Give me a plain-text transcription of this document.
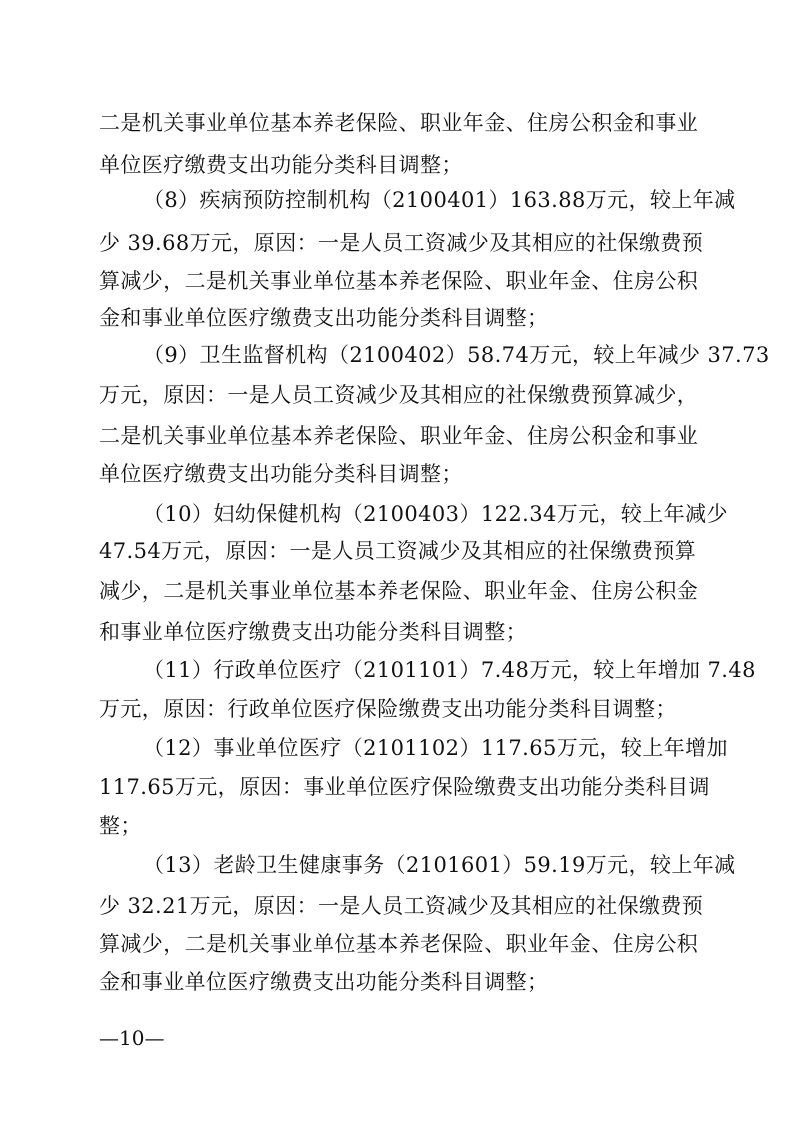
二是机关事业单位基本养老保险、职业年金、住房公积金和事业
单位医疗缴费支出功能分类科目调整；
（8）疾病预防控制机构（2100401）163.88万元，较上年减
少 39.68万元，原因：一是人员工资减少及其相应的社保缴费预
算减少，二是机关事业单位基本养老保险、职业年金、住房公积
金和事业单位医疗缴费支出功能分类科目调整；
（9）卫生监督机构（2100402）58.74万元，较上年减少 37.73
万元，原因：一是人员工资减少及其相应的社保缴费预算减少，
二是机关事业单位基本养老保险、职业年金、住房公积金和事业
单位医疗缴费支出功能分类科目调整；
（10）妇幼保健机构（2100403）122.34万元，较上年减少
47.54万元，原因：一是人员工资减少及其相应的社保缴费预算
减少，二是机关事业单位基本养老保险、职业年金、住房公积金
和事业单位医疗缴费支出功能分类科目调整；
（11）行政单位医疗（2101101）7.48万元，较上年增加 7.48
万元，原因：行政单位医疗保险缴费支出功能分类科目调整；
（12）事业单位医疗（2101102）117.65万元，较上年增加
117.65万元，原因：事业单位医疗保险缴费支出功能分类科目调
整；
（13）老龄卫生健康事务（2101601）59.19万元，较上年减
少 32.21万元，原因：一是人员工资减少及其相应的社保缴费预
算减少，二是机关事业单位基本养老保险、职业年金、住房公积
金和事业单位医疗缴费支出功能分类科目调整；
—10—
